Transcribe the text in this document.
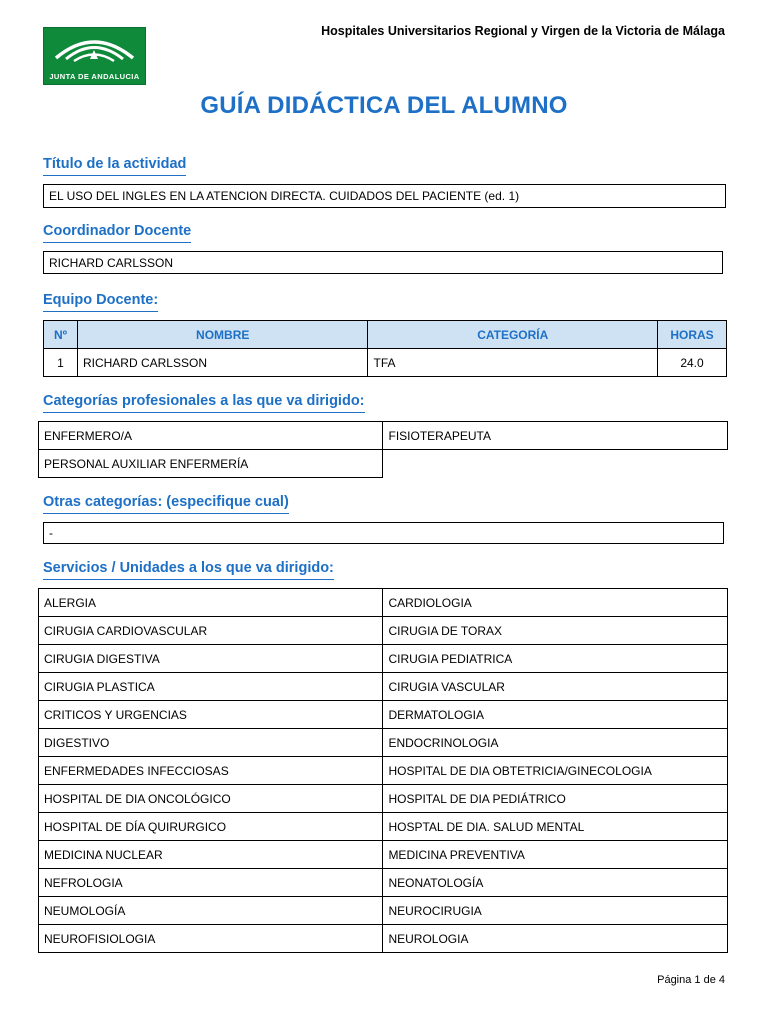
JUNTA DE ANDALUCIA
Hospitales Universitarios Regional y Virgen de la Victoria de Málaga
GUÍA DIDÁCTICA DEL ALUMNO
Título de la actividad
EL USO DEL INGLES EN LA ATENCION DIRECTA. CUIDADOS DEL PACIENTE (ed. 1)
Coordinador Docente
RICHARD CARLSSON
Equipo Docente:
Nº	NOMBRE	CATEGORÍA	HORAS
1	RICHARD CARLSSON	TFA	24.0
Categorías profesionales a las que va dirigido:
ENFERMERO/A	FISIOTERAPEUTA
PERSONAL AUXILIAR ENFERMERÍA	
Otras categorías: (especifique cual)
-
Servicios / Unidades a los que va dirigido:
ALERGIA	CARDIOLOGIA
CIRUGIA CARDIOVASCULAR	CIRUGIA DE TORAX
CIRUGIA DIGESTIVA	CIRUGIA PEDIATRICA
CIRUGIA PLASTICA	CIRUGIA VASCULAR
CRITICOS Y URGENCIAS	DERMATOLOGIA
DIGESTIVO	ENDOCRINOLOGIA
ENFERMEDADES INFECCIOSAS	HOSPITAL DE DIA OBTETRICIA/GINECOLOGIA
HOSPITAL DE DIA ONCOLÓGICO	HOSPITAL DE DIA PEDIÁTRICO
HOSPITAL DE DÍA QUIRURGICO	HOSPTAL DE DIA. SALUD MENTAL
MEDICINA NUCLEAR	MEDICINA PREVENTIVA
NEFROLOGIA	NEONATOLOGÍA
NEUMOLOGÍA	NEUROCIRUGIA
NEUROFISIOLOGIA	NEUROLOGIA
Página 1 de 4
